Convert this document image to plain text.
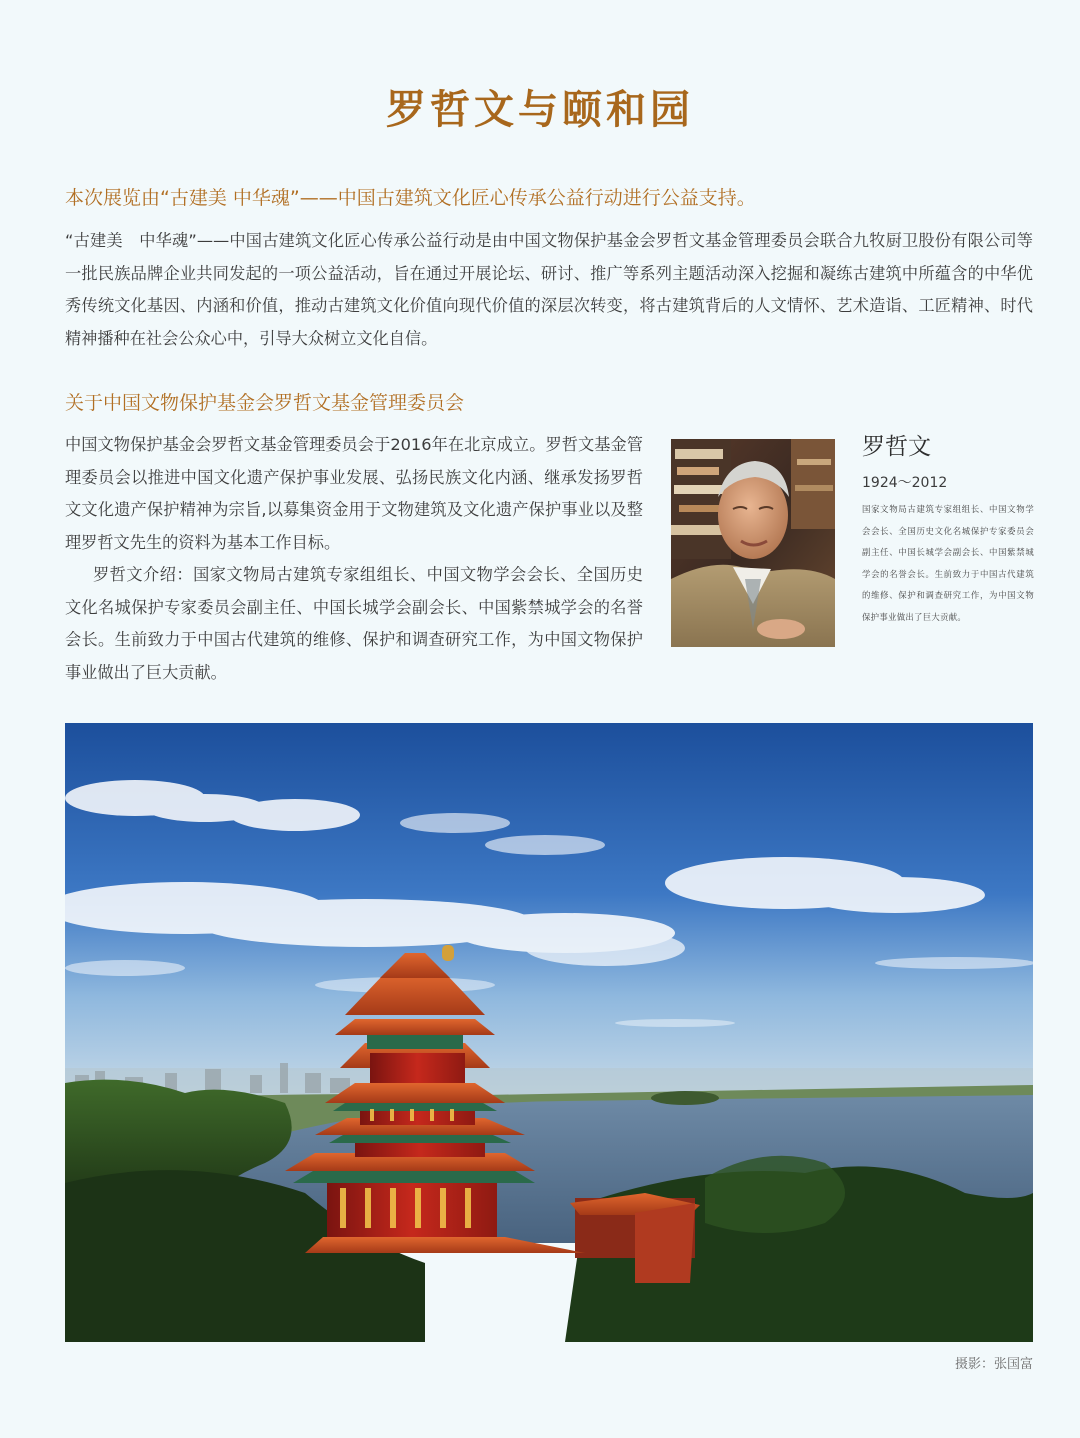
罗哲文与颐和园
本次展览由“古建美 中华魂”——中国古建筑文化匠心传承公益行动进行公益支持。

“古建美　中华魂”——中国古建筑文化匠心传承公益行动是由中国文物保护基金会罗哲文基金管理委员会联合九牧厨卫股份有限公司等一批民族品牌企业共同发起的一项公益活动，旨在通过开展论坛、研讨、推广等系列主题活动深入挖掘和凝练古建筑中所蕴含的中华优秀传统文化基因、内涵和价值，推动古建筑文化价值向现代价值的深层次转变，将古建筑背后的人文情怀、艺术造诣、工匠精神、时代精神播种在社会公众心中，引导大众树立文化自信。

关于中国文物保护基金会罗哲文基金管理委员会

中国文物保护基金会罗哲文基金管理委员会于2016年在北京成立。罗哲文基金管理委员会以推进中国文化遗产保护事业发展、弘扬民族文化内涵、继承发扬罗哲文文化遗产保护精神为宗旨,以募集资金用于文物建筑及文化遗产保护事业以及整理罗哲文先生的资料为基本工作目标。

罗哲文介绍：国家文物局古建筑专家组组长、中国文物学会会长、全国历史文化名城保护专家委员会副主任、中国长城学会副会长、中国紫禁城学会的名誉会长。生前致力于中国古代建筑的维修、保护和调查研究工作，为中国文物保护事业做出了巨大贡献。

罗哲文

1924～2012

国家文物局古建筑专家组组长、中国文物学会会长、全国历史文化名城保护专家委员会副主任、中国长城学会副会长、中国紫禁城学会的名誉会长。生前致力于中国古代建筑的维修、保护和调查研究工作，为中国文物保护事业做出了巨大贡献。

摄影：张国富
